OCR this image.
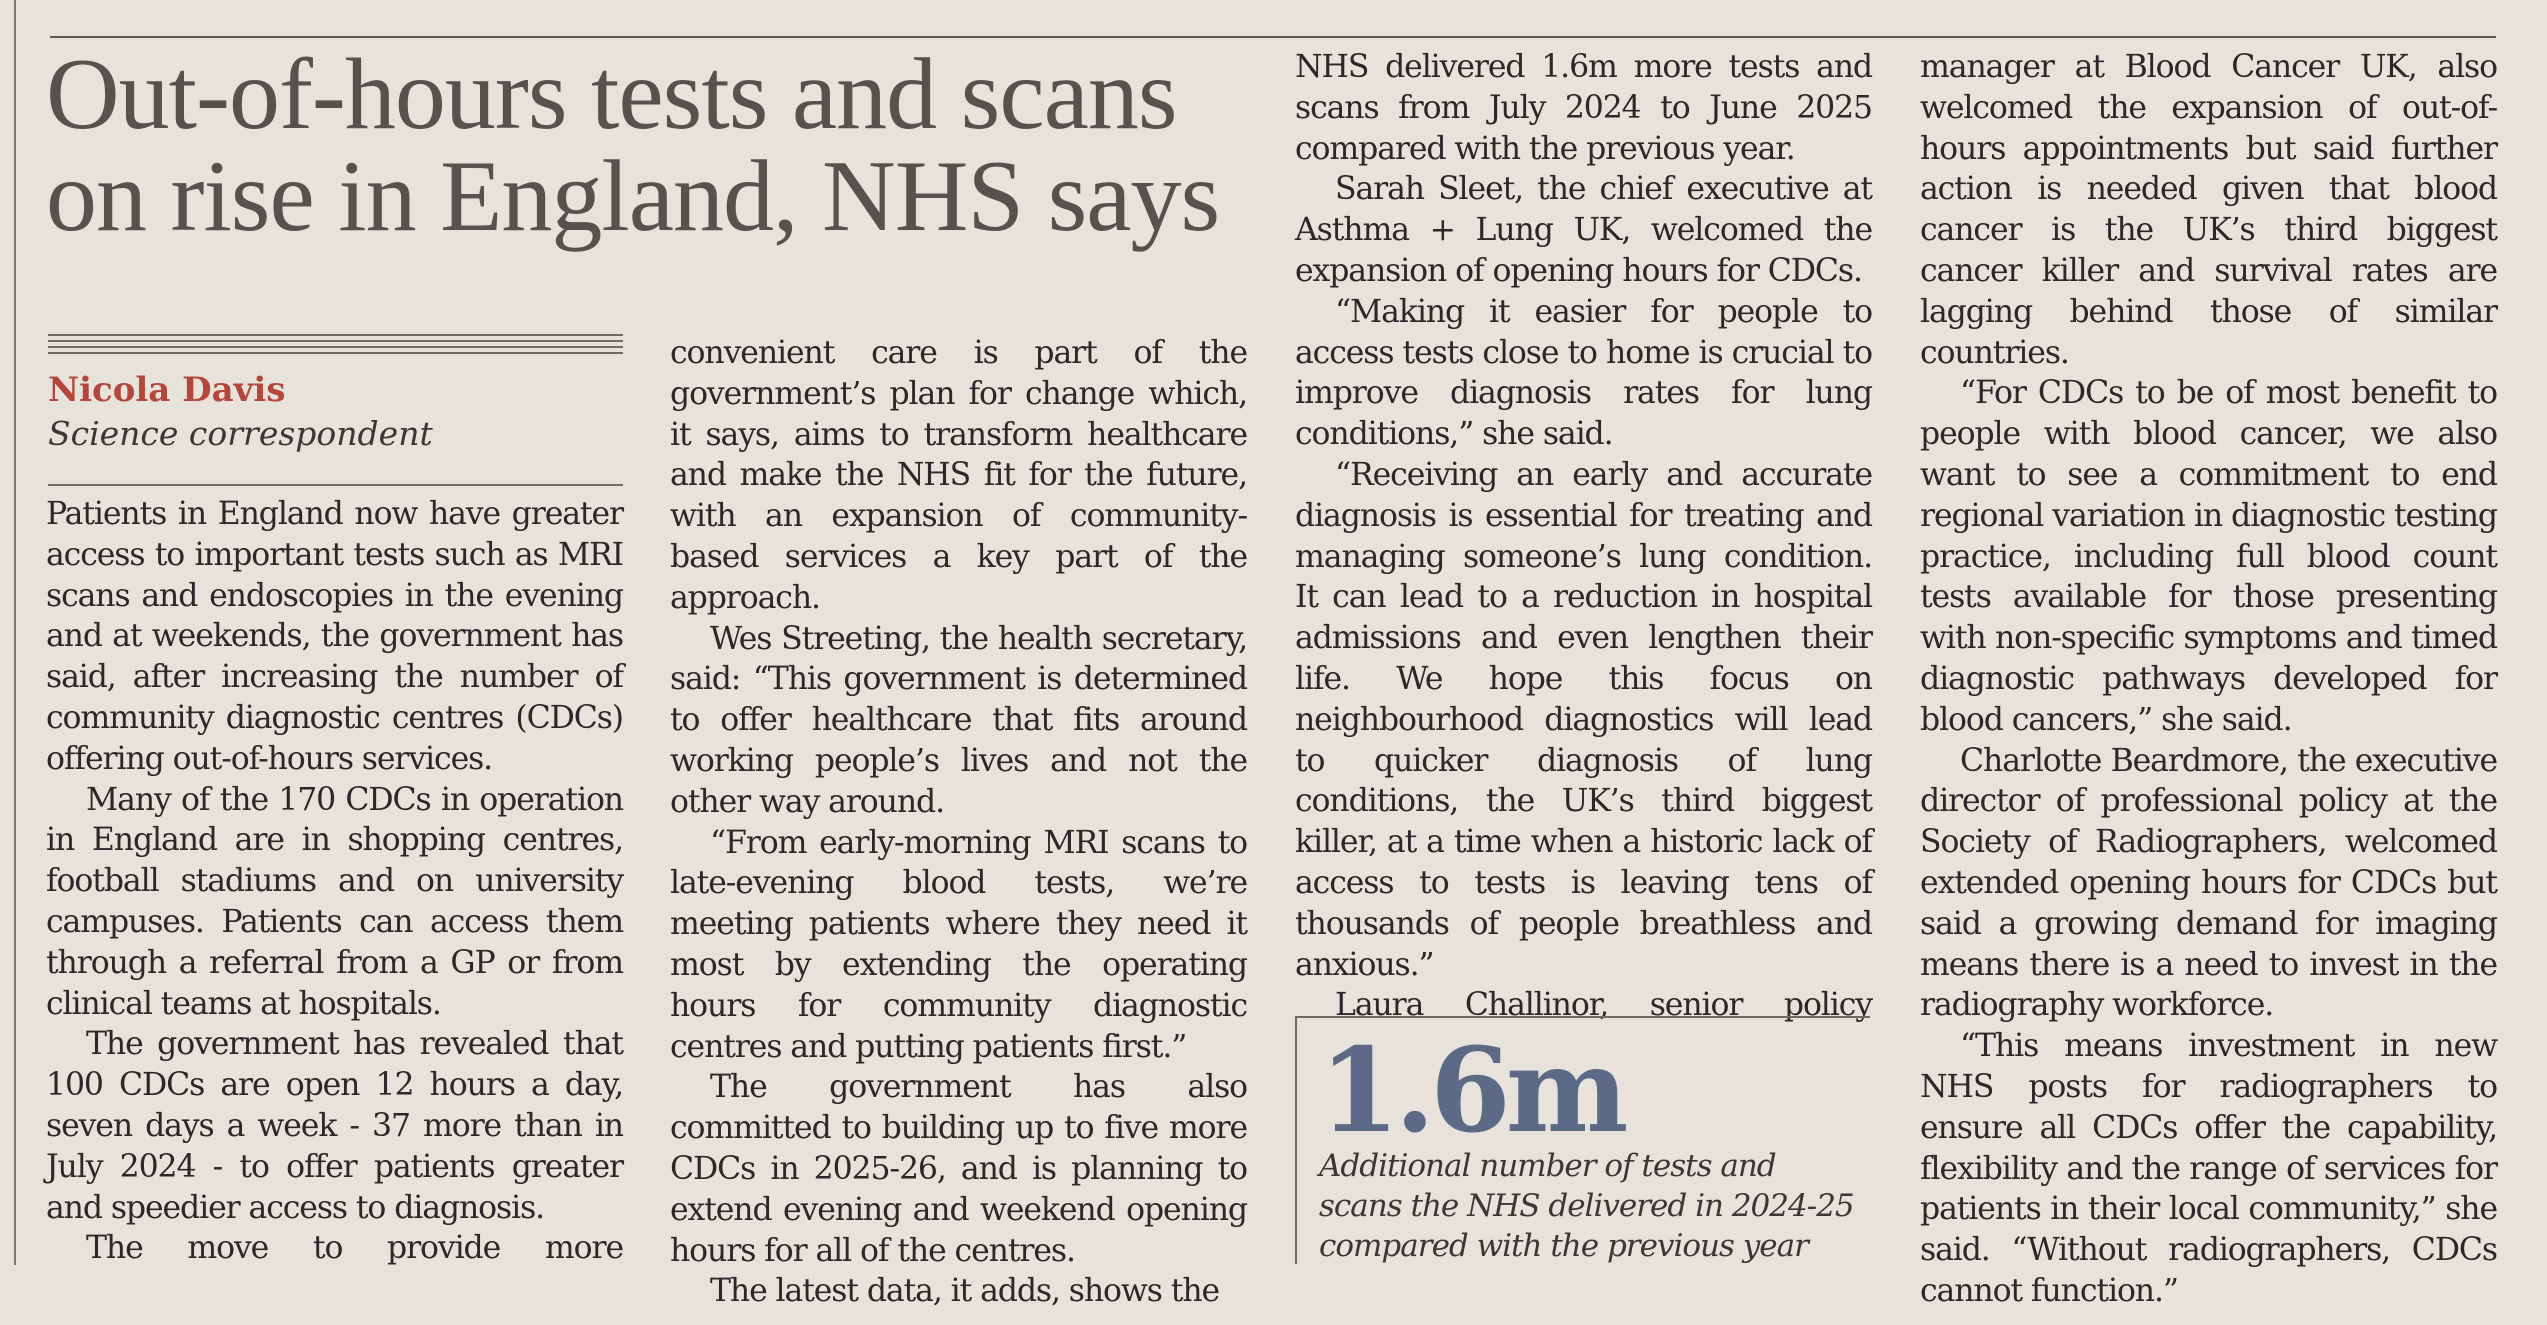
Out-of-hours tests and scans
on rise in England, NHS says
Nicola Davis
Science correspondent

Patients in England now have greater access to important tests such as MRI scans and endoscopies in the evening and at weekends, the government has said, after increasing the number of community diagnostic centres (CDCs) offering out-of-hours services.

Many of the 170 CDCs in operation in England are in shopping centres, football stadiums and on university campuses. Patients can access them through a referral from a GP or from clinical teams at hospitals.

The government has revealed that 100 CDCs are open 12 hours a day, seven days a week - 37 more than in July 2024 - to offer patients greater and speedier access to diagnosis.

The move to provide more

convenient care is part of the government’s plan for change which, it says, aims to transform healthcare and make the NHS fit for the future, with an expansion of community-based services a key part of the approach.

Wes Streeting, the health secretary, said: “This government is determined to offer healthcare that fits around working people’s lives and not the other way around.

“From early-morning MRI scans to late-evening blood tests, we’re meeting patients where they need it most by extending the operating hours for community diagnostic centres and putting patients first.”

The government has also committed to building up to five more CDCs in 2025-26, and is planning to extend evening and weekend opening hours for all of the centres.

The latest data, it adds, shows the

NHS delivered 1.6m more tests and scans from July 2024 to June 2025 compared with the previous year.

Sarah Sleet, the chief executive at Asthma + Lung UK, welcomed the expansion of opening hours for CDCs.

“Making it easier for people to access tests close to home is crucial to improve diagnosis rates for lung conditions,” she said.

“Receiving an early and accurate diagnosis is essential for treating and managing someone’s lung condition. It can lead to a reduction in hospital admissions and even lengthen their life. We hope this focus on neighbourhood diagnostics will lead to quicker diagnosis of lung conditions, the UK’s third biggest killer, at a time when a historic lack of access to tests is leaving tens of thousands of people breathless and anxious.”

Laura Challinor, senior policy

1.6m
Additional number of tests and scans the NHS delivered in 2024-25 compared with the previous year

manager at Blood Cancer UK, also welcomed the expansion of out-of-hours appointments but said further action is needed given that blood cancer is the UK’s third biggest cancer killer and survival rates are lagging behind those of similar countries.

“For CDCs to be of most benefit to people with blood cancer, we also want to see a commitment to end regional variation in diagnostic testing practice, including full blood count tests available for those presenting with non-specific symptoms and timed diagnostic pathways developed for blood cancers,” she said.

Charlotte Beardmore, the executive director of professional policy at the Society of Radiographers, welcomed extended opening hours for CDCs but said a growing demand for imaging means there is a need to invest in the radiography workforce.

“This means investment in new NHS posts for radiographers to ensure all CDCs offer the capability, flexibility and the range of services for patients in their local community,” she said. “Without radiographers, CDCs cannot function.”
